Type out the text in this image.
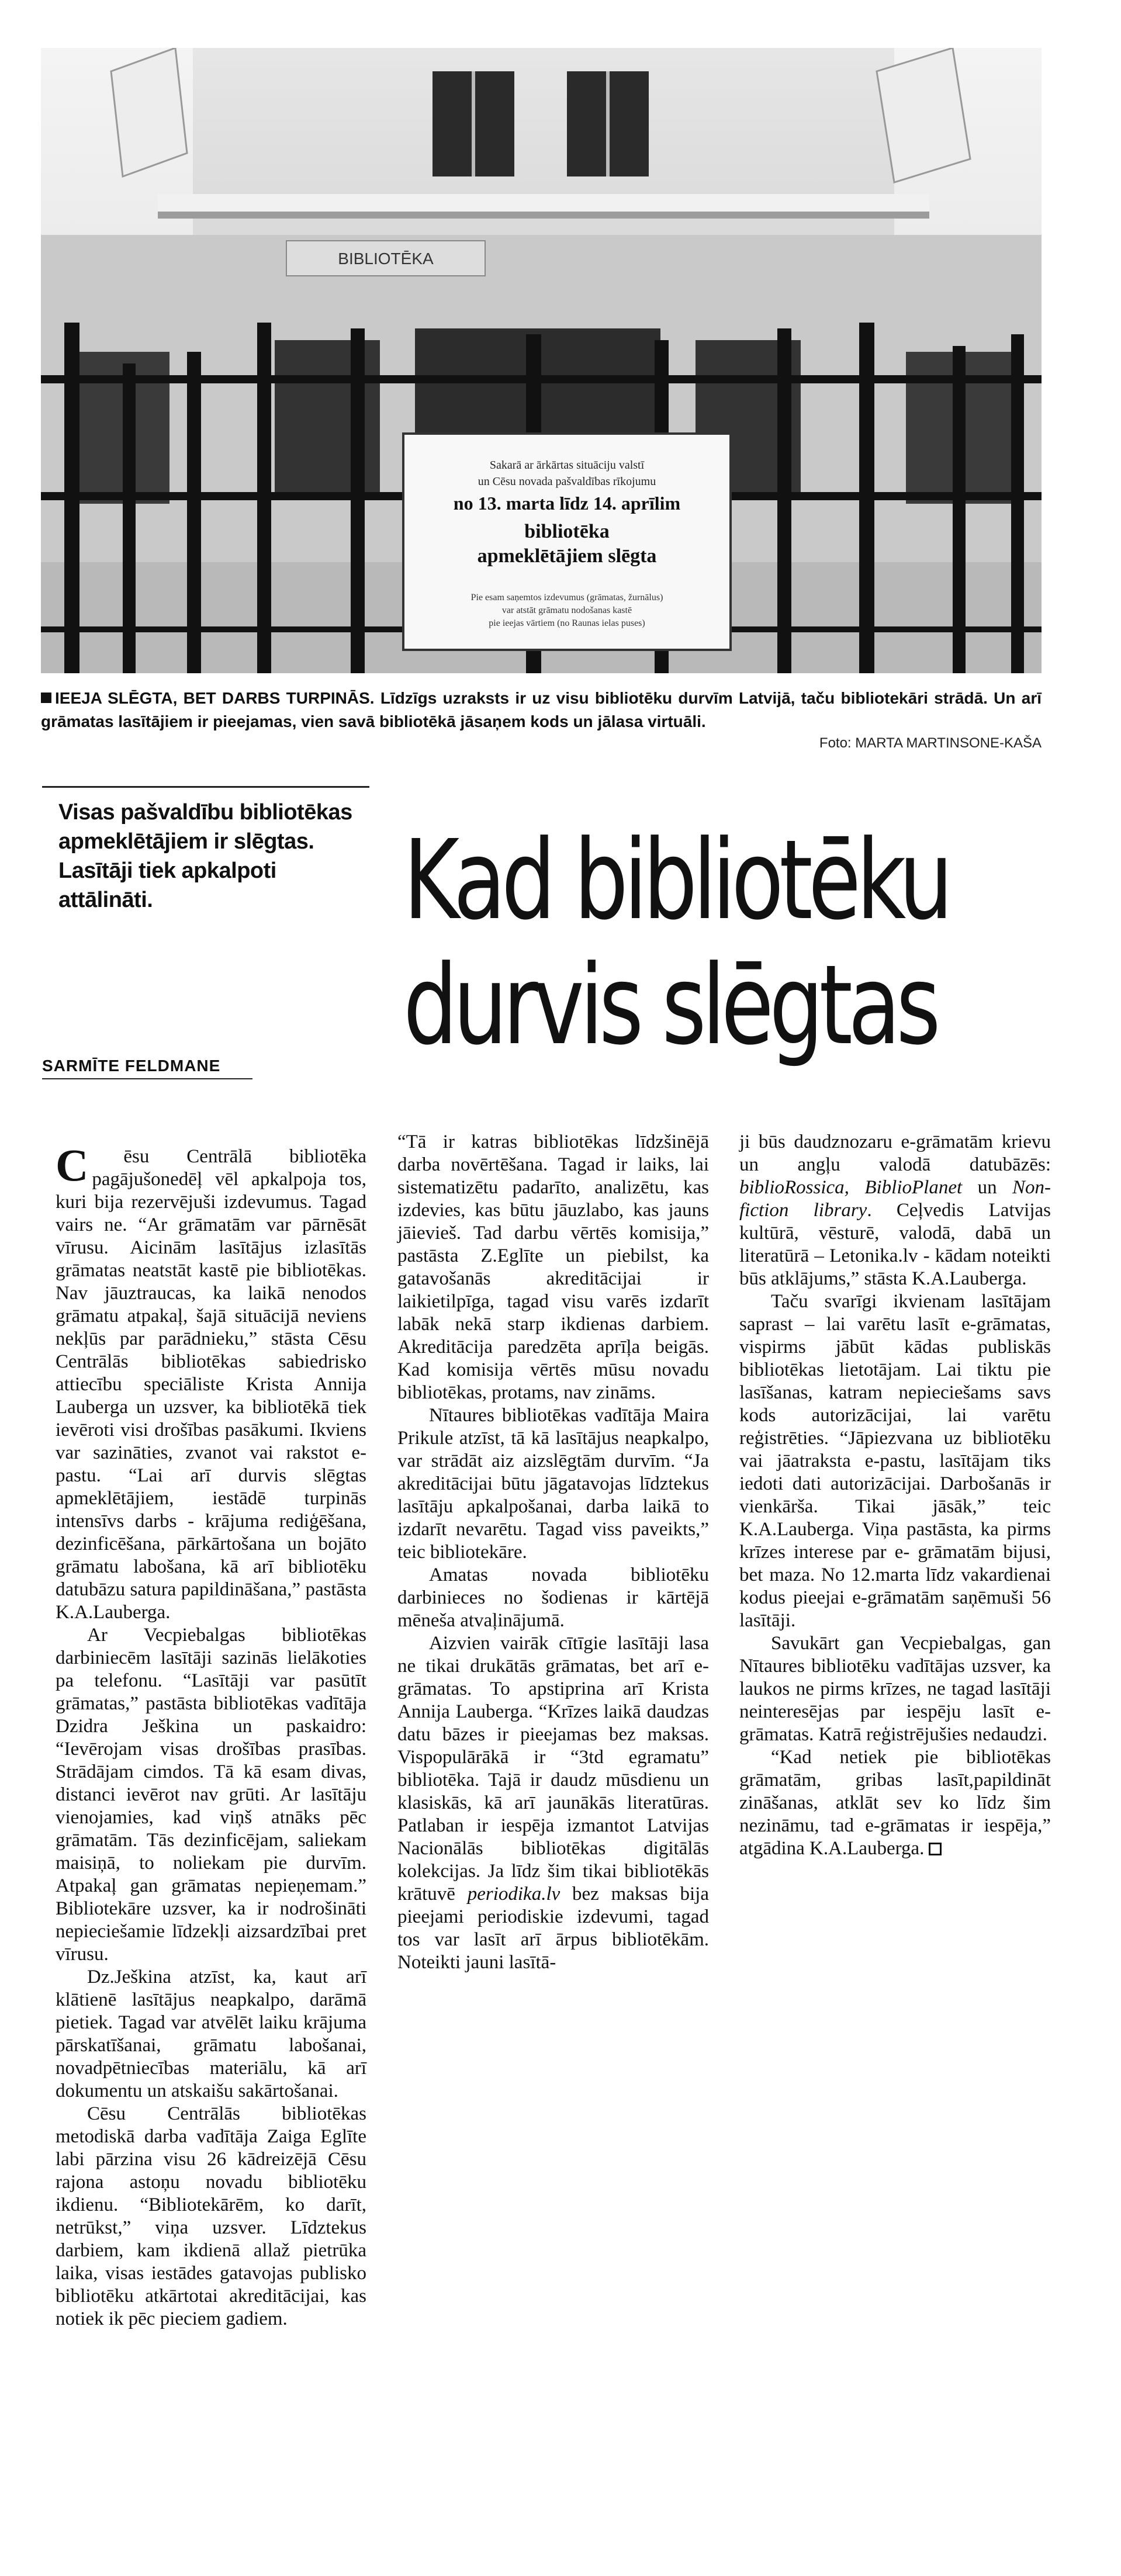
BIBLIOTĒKA
Sakarā ar ārkārtas situāciju valstī
un Cēsu novada pašvaldības rīkojumu
no 13. marta līdz 14. aprīlim
bibliotēka
apmeklētājiem slēgta
Pie esam saņemtos izdevumus (grāmatas, žurnālus)
var atstāt grāmatu nodošanas kastē
pie ieejas vārtiem (no Raunas ielas puses)
IEEJA SLĒGTA, BET DARBS TURPINĀS. Līdzīgs uzraksts ir uz visu bibliotēku durvīm Latvijā, taču bibliotekāri strādā. Un arī grāmatas lasītājiem ir pieejamas, vien savā bibliotēkā jāsaņem kods un jālasa virtuāli.
Foto: MARTA MARTINSONE-KAŠA
Visas pašvaldību bibliotēkas apmeklētājiem ir slēgtas. Lasītāji tiek apkalpoti attālināti.
SARMĪTE FELDMANE
Kad bibliotēku
durvis slēgtas

C ēsu Centrālā bibliotēka pagājušonedēļ vēl apkalpoja tos, kuri bija rezervējuši izdevumus. Tagad vairs ne. “Ar grāmatām var pārnēsāt vīrusu. Aicinām lasītājus izlasītās grāmatas neatstāt kastē pie bibliotēkas. Nav jāuztraucas, ka laikā nenodos grāmatu atpakaļ, šajā situācijā neviens nekļūs par parādnieku,” stāsta Cēsu Centrālās bibliotēkas sabiedrisko attiecību speciāliste Krista Annija Lauberga un uzsver, ka bibliotēkā tiek ievēroti visi drošības pasākumi. Ikviens var sazināties, zvanot vai rakstot e-pastu. “Lai arī durvis slēgtas apmeklētājiem, iestādē turpinās intensīvs darbs - krājuma rediģēšana, dezinficēšana, pārkārtošana un bojāto grāmatu labošana, kā arī bibliotēku datubāzu satura papildināšana,” pastāsta K.A.Lauberga.

Ar Vecpiebalgas bibliotēkas darbiniecēm lasītāji sazinās lielākoties pa telefonu. “Lasītāji var pasūtīt grāmatas,” pastāsta bibliotēkas vadītāja Dzidra Ješkina un paskaidro: “Ievērojam visas drošības prasības. Strādājam cimdos. Tā kā esam divas, distanci ievērot nav grūti. Ar lasītāju vienojamies, kad viņš atnāks pēc grāmatām. Tās dezinficējam, saliekam maisiņā, to noliekam pie durvīm. Atpakaļ gan grāmatas nepieņemam.” Bibliotekāre uzsver, ka ir nodrošināti nepieciešamie līdzekļi aizsardzībai pret vīrusu.

Dz.Ješkina atzīst, ka, kaut arī klātienē lasītājus neapkalpo, darāmā pietiek. Tagad var atvēlēt laiku krājuma pārskatīšanai, grāmatu labošanai, novadpētniecības materiālu, kā arī dokumentu un atskaišu sakārtošanai.

Cēsu Centrālās bibliotēkas metodiskā darba vadītāja Zaiga Eglīte labi pārzina visu 26 kādreizējā Cēsu rajona astoņu novadu bibliotēku ikdienu. “Bibliotekārēm, ko darīt, netrūkst,” viņa uzsver. Līdztekus darbiem, kam ikdienā allaž pietrūka laika, visas iestādes gatavojas publisko bibliotēku atkārtotai akreditācijai, kas notiek ik pēc pieciem gadiem.

“Tā ir katras bibliotēkas līdzšinējā darba novērtēšana. Tagad ir laiks, lai sistematizētu padarīto, analizētu, kas izdevies, kas būtu jāuzlabo, kas jauns jāievieš. Tad darbu vērtēs komisija,” pastāsta Z.Eglīte un piebilst, ka gatavošanās akreditācijai ir laikietilpīga, tagad visu varēs izdarīt labāk nekā starp ikdienas darbiem. Akreditācija paredzēta aprīļa beigās. Kad komisija vērtēs mūsu novadu bibliotēkas, protams, nav zināms.

Nītaures bibliotēkas vadītāja Maira Prikule atzīst, tā kā lasītājus neapkalpo, var strādāt aiz aizslēgtām durvīm. “Ja akreditācijai būtu jāgatavojas līdztekus lasītāju apkalpošanai, darba laikā to izdarīt nevarētu. Tagad viss paveikts,” teic bibliotekāre.

Amatas novada bibliotēku darbinieces no šodienas ir kārtējā mēneša atvaļinājumā.

Aizvien vairāk cītīgie lasītāji lasa ne tikai drukātās grāmatas, bet arī e-grāmatas. To apstiprina arī Krista Annija Lauberga. “Krīzes laikā daudzas datu bāzes ir pieejamas bez maksas. Vispopulārākā ir “3td egramatu” bibliotēka. Tajā ir daudz mūsdienu un klasiskās, kā arī jaunākās literatūras. Patlaban ir iespēja izmantot Latvijas Nacionālās bibliotēkas digitālās kolekcijas. Ja līdz šim tikai bibliotēkās krātuvē periodika.lv bez maksas bija pieejami periodiskie izdevumi, tagad tos var lasīt arī ārpus bibliotēkām. Noteikti jauni lasītā-

ji būs daudznozaru e-grāmatām krievu un angļu valodā datubāzēs: biblioRossica, BiblioPlanet un Non-fiction library. Ceļvedis Latvijas kultūrā, vēsturē, valodā, dabā un literatūrā – Letonika.lv - kādam noteikti būs atklājums,” stāsta K.A.Lauberga.

Taču svarīgi ikvienam lasītājam saprast – lai varētu lasīt e-grāmatas, vispirms jābūt kādas publiskās bibliotēkas lietotājam. Lai tiktu pie lasīšanas, katram nepieciešams savs kods autorizācijai, lai varētu reģistrēties. “Jāpiezvana uz bibliotēku vai jāatraksta e-pastu, lasītājam tiks iedoti dati autorizācijai. Darbošanās ir vienkārša. Tikai jāsāk,” teic K.A.Lauberga. Viņa pastāsta, ka pirms krīzes interese par e- grāmatām bijusi, bet maza. No 12.marta līdz vakardienai kodus pieejai e-grāmatām saņēmuši 56 lasītāji.

Savukārt gan Vecpiebalgas, gan Nītaures bibliotēku vadītājas uzsver, ka laukos ne pirms krīzes, ne tagad lasītāji neinteresējas par iespēju lasīt e-grāmatas. Katrā reģistrējušies nedaudzi.

“Kad netiek pie bibliotēkas grāmatām, gribas lasīt,papildināt zināšanas, atklāt sev ko līdz šim nezināmu, tad e-grāmatas ir iespēja,” atgādina K.A.Lauberga.
